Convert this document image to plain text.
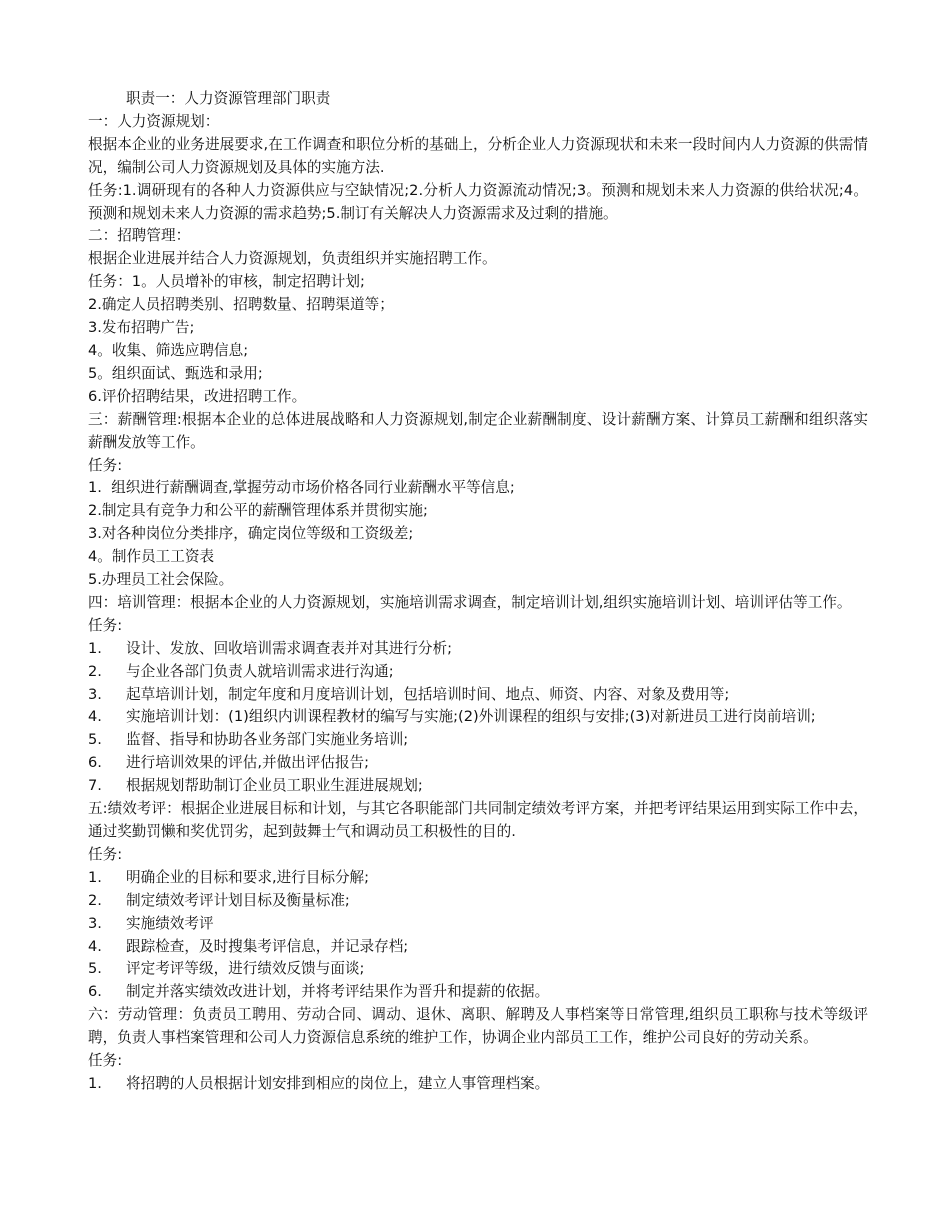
职责一：人力资源管理部门职责
一：人力资源规划：
根据本企业的业务进展要求,在工作调查和职位分析的基础上，分析企业人力资源现状和未来一段时间内人力资源的供需情况，编制公司人力资源规划及具体的实施方法.
任务:1.调研现有的各种人力资源供应与空缺情况;2.分析人力资源流动情况;3。预测和规划未来人力资源的供给状况;4。预测和规划未来人力资源的需求趋势;5.制订有关解决人力资源需求及过剩的措施。
二：招聘管理：
根据企业进展并结合人力资源规划，负责组织并实施招聘工作。
任务：1。人员增补的审核，制定招聘计划;
2.确定人员招聘类别、招聘数量、招聘渠道等；
3.发布招聘广告;
4。收集、筛选应聘信息;
5。组织面试、甄选和录用;
6.评价招聘结果，改进招聘工作。
三：薪酬管理:根据本企业的总体进展战略和人力资源规划,制定企业薪酬制度、设计薪酬方案、计算员工薪酬和组织落实薪酬发放等工作。
任务:
1.  组织进行薪酬调查,掌握劳动市场价格各同行业薪酬水平等信息;
2.制定具有竞争力和公平的薪酬管理体系并贯彻实施;
3.对各种岗位分类排序，确定岗位等级和工资级差;
4。制作员工工资表
5.办理员工社会保险。
四：培训管理：根据本企业的人力资源规划，实施培训需求调查，制定培训计划,组织实施培训计划、培训评估等工作。
任务:
1.	设计、发放、回收培训需求调查表并对其进行分析;
2.	与企业各部门负责人就培训需求进行沟通;
3.	起草培训计划，制定年度和月度培训计划，包括培训时间、地点、师资、内容、对象及费用等;
4.	实施培训计划：(1)组织内训课程教材的编写与实施;(2)外训课程的组织与安排;(3)对新进员工进行岗前培训;
5.	监督、指导和协助各业务部门实施业务培训;
6.	进行培训效果的评估,并做出评估报告;
7.	根据规划帮助制订企业员工职业生涯进展规划;
五:绩效考评：根据企业进展目标和计划，与其它各职能部门共同制定绩效考评方案，并把考评结果运用到实际工作中去，通过奖勤罚懒和奖优罚劣，起到鼓舞士气和调动员工积极性的目的.
任务:
1.	明确企业的目标和要求,进行目标分解;
2.	制定绩效考评计划目标及衡量标准;
3.	实施绩效考评
4.	跟踪检查，及时搜集考评信息，并记录存档;
5.	评定考评等级，进行绩效反馈与面谈;
6.	制定并落实绩效改进计划，并将考评结果作为晋升和提薪的依据。
六：劳动管理：负责员工聘用、劳动合同、调动、退休、离职、解聘及人事档案等日常管理,组织员工职称与技术等级评聘，负责人事档案管理和公司人力资源信息系统的维护工作，协调企业内部员工工作，维护公司良好的劳动关系。
任务:
1.	将招聘的人员根据计划安排到相应的岗位上，建立人事管理档案。
